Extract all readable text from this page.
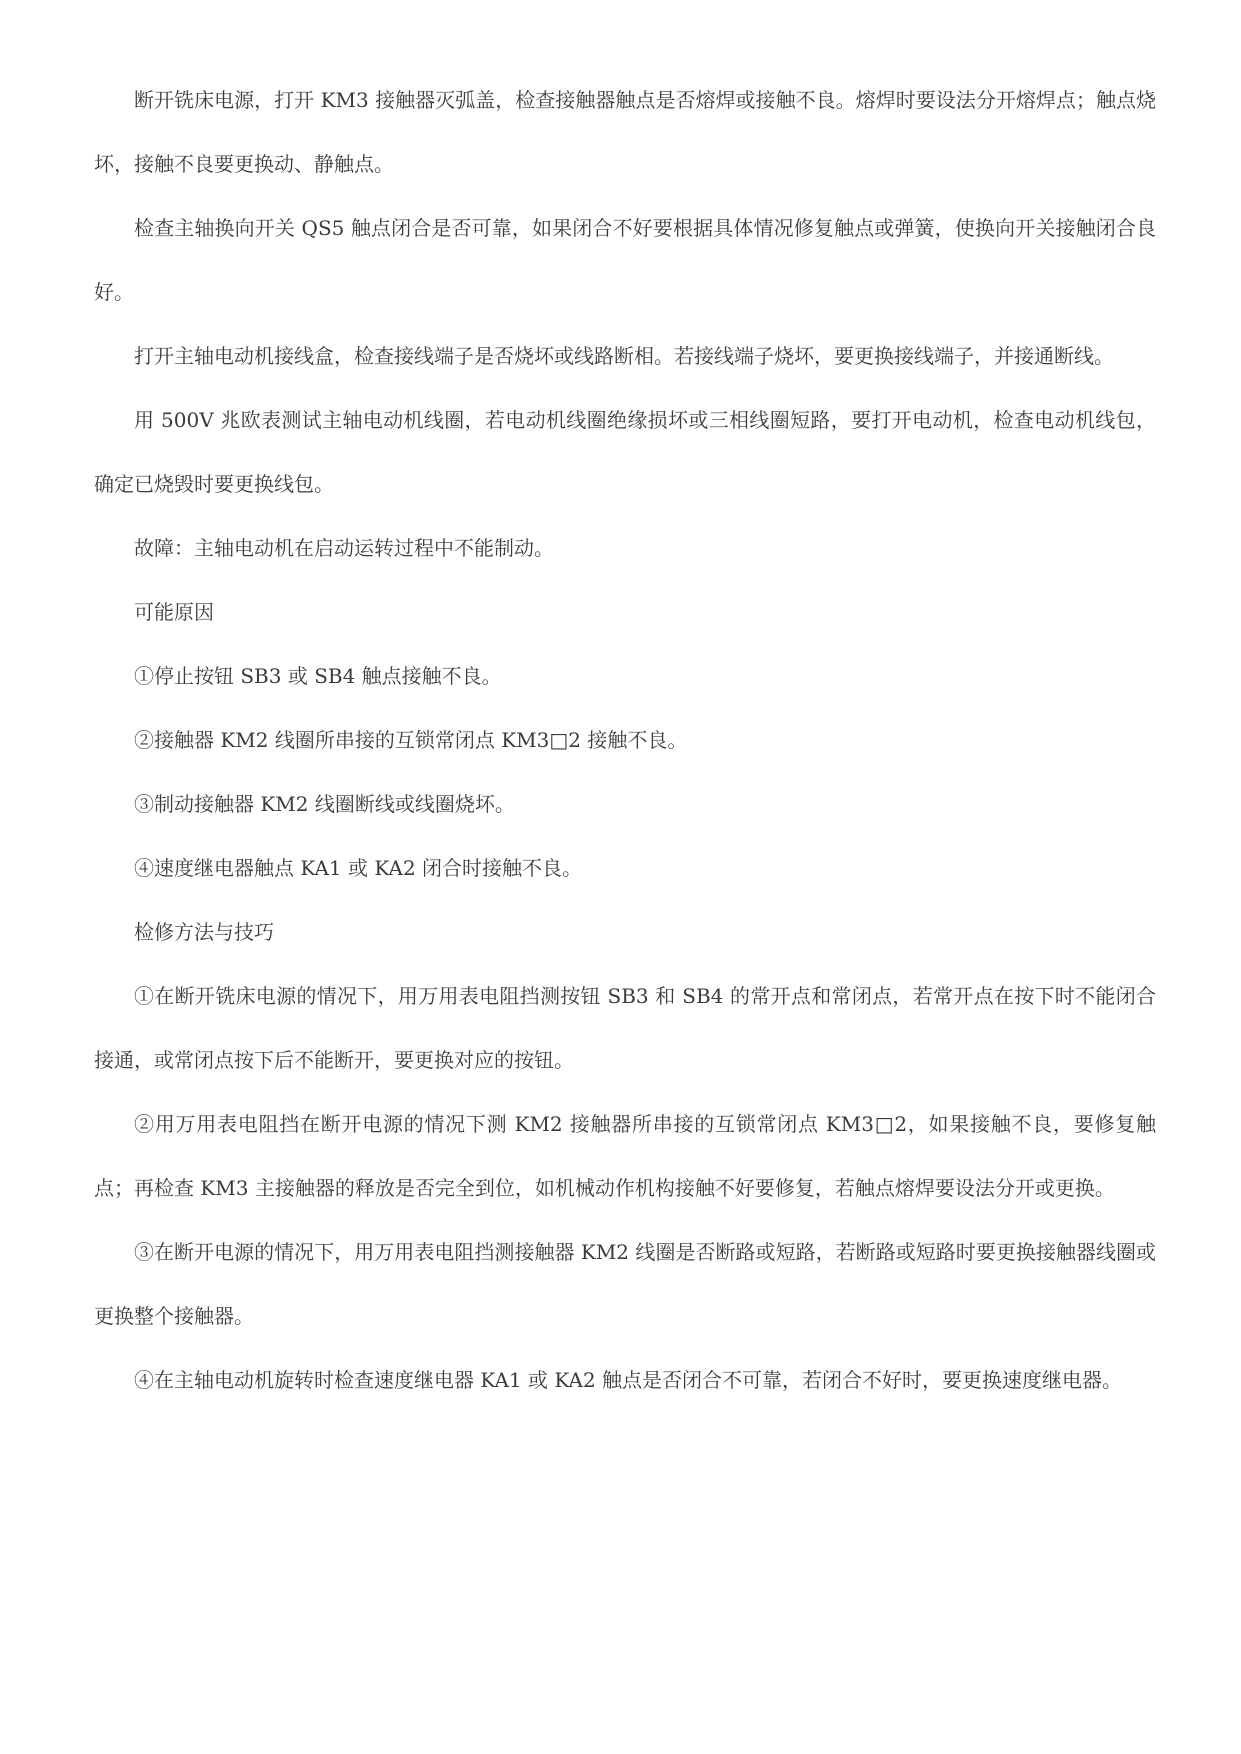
断开铣床电源，打开 KM3 接触器灭弧盖，检查接触器触点是否熔焊或接触不良。熔焊时要设法分开熔焊点；触点烧坏，接触不良要更换动、静触点。

检查主轴换向开关 QS5 触点闭合是否可靠，如果闭合不好要根据具体情况修复触点或弹簧，使换向开关接触闭合良好。

打开主轴电动机接线盒，检查接线端子是否烧坏或线路断相。若接线端子烧坏，要更换接线端子，并接通断线。

用 500V 兆欧表测试主轴电动机线圈，若电动机线圈绝缘损坏或三相线圈短路，要打开电动机，检查电动机线包，确定已烧毁时要更换线包。

故障：主轴电动机在启动运转过程中不能制动。

可能原因

①停止按钮 SB3 或 SB4 触点接触不良。

②接触器 KM2 线圈所串接的互锁常闭点 KM3□2 接触不良。

③制动接触器 KM2 线圈断线或线圈烧坏。

④速度继电器触点 KA1 或 KA2 闭合时接触不良。

检修方法与技巧

①在断开铣床电源的情况下，用万用表电阻挡测按钮 SB3 和 SB4 的常开点和常闭点，若常开点在按下时不能闭合接通，或常闭点按下后不能断开，要更换对应的按钮。

②用万用表电阻挡在断开电源的情况下测 KM2 接触器所串接的互锁常闭点 KM3□2，如果接触不良，要修复触点；再检查 KM3 主接触器的释放是否完全到位，如机械动作机构接触不好要修复，若触点熔焊要设法分开或更换。

③在断开电源的情况下，用万用表电阻挡测接触器 KM2 线圈是否断路或短路，若断路或短路时要更换接触器线圈或更换整个接触器。

④在主轴电动机旋转时检查速度继电器 KA1 或 KA2 触点是否闭合不可靠，若闭合不好时，要更换速度继电器。
